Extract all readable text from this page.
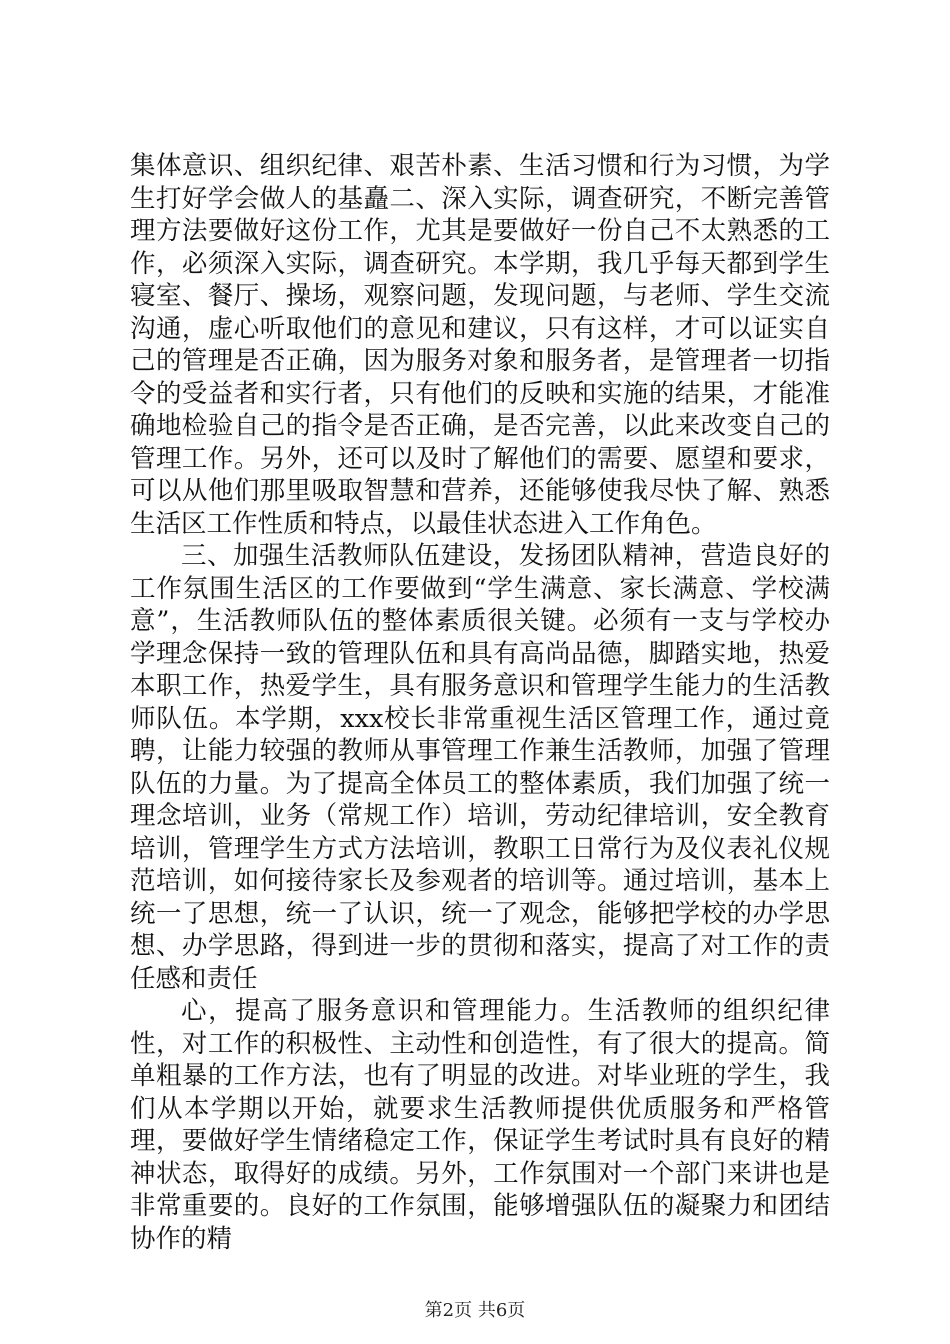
集体意识、组织纪律、艰苦朴素、生活习惯和行为习惯，为学生打好学会做人的基矗二、深入实际，调查研究，不断完善管理方法要做好这份工作，尤其是要做好一份自己不太熟悉的工作，必须深入实际，调查研究。本学期，我几乎每天都到学生寝室、餐厅、操场，观察问题，发现问题，与老师、学生交流沟通，虚心听取他们的意见和建议，只有这样，才可以证实自己的管理是否正确，因为服务对象和服务者，是管理者一切指令的受益者和实行者，只有他们的反映和实施的结果，才能准确地检验自己的指令是否正确，是否完善，以此来改变自己的管理工作。另外，还可以及时了解他们的需要、愿望和要求，可以从他们那里吸取智慧和营养，还能够使我尽快了解、熟悉生活区工作性质和特点，以最佳状态进入工作角色。

三、加强生活教师队伍建设，发扬团队精神，营造良好的工作氛围生活区的工作要做到“学生满意、家长满意、学校满意”，生活教师队伍的整体素质很关键。必须有一支与学校办学理念保持一致的管理队伍和具有高尚品德，脚踏实地，热爱本职工作，热爱学生，具有服务意识和管理学生能力的生活教师队伍。本学期，xxx校长非常重视生活区管理工作，通过竟聘，让能力较强的教师从事管理工作兼生活教师，加强了管理队伍的力量。为了提高全体员工的整体素质，我们加强了统一理念培训，业务（常规工作）培训，劳动纪律培训，安全教育培训，管理学生方式方法培训，教职工日常行为及仪表礼仪规范培训，如何接待家长及参观者的培训等。通过培训，基本上统一了思想，统一了认识，统一了观念，能够把学校的办学思想、办学思路，得到进一步的贯彻和落实，提高了对工作的责任感和责任

心，提高了服务意识和管理能力。生活教师的组织纪律性，对工作的积极性、主动性和创造性，有了很大的提高。简单粗暴的工作方法，也有了明显的改进。对毕业班的学生，我们从本学期以开始，就要求生活教师提供优质服务和严格管理，要做好学生情绪稳定工作，保证学生考试时具有良好的精神状态，取得好的成绩。另外，工作氛围对一个部门来讲也是非常重要的。良好的工作氛围，能够增强队伍的凝聚力和团结协作的精

第2页 共6页
